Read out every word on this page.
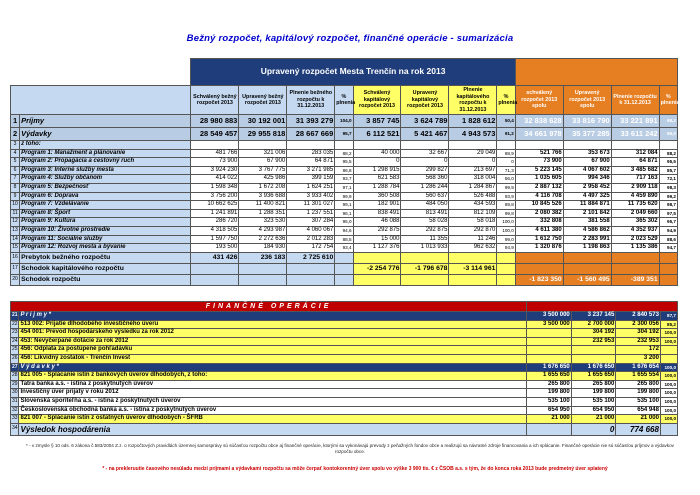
Bežný rozpočet, kapitálový rozpočet, finančné operácie - sumarizácia
		Upravený rozpočet Mesta Trenčín na rok 2013											
		Schválený bežný rozpočet 2013	Upravený bežný rozpočet 2013	Plnenie bežného rozpočtu k 31.12.2013	% plnenia	Schválený kapitálový rozpočet 2013	Upravený kapitálový rozpočet 2013	Plnenie kapitálového rozpočtu k 31.12.2013	% plnenia	schválený rozpočet 2013 spolu	Upravený rozpočet 2013 spolu	Plnenie rozpočtu k 31.12.2013	% plnenia
1	Príjmy	28 980 883	30 192 001	31 393 279	104,0	3 857 745	3 624 789	1 828 612	50,4	32 838 628	33 816 790	33 221 891	98,2
2	Výdavky	28 549 457	29 955 818	28 667 669	95,7	6 112 521	5 421 467	4 943 573	91,2	34 661 978	35 377 285	33 611 242	95,0
3	z toho:												
4	Program 1: Manažment a plánovanie	481 766	321 006	283 035	88,2	40 000	32 667	29 049	88,9	521 766	353 673	312 084	88,2
5	Program 2: Propagácia a cestovný ruch	73 900	67 900	64 871	95,5	0	0	0	0	73 900	67 900	64 871	95,5
6	Program 3: Interné služby mesta	3 924 230	3 767 775	3 271 985	86,8	1 298 915	299 827	213 697	71,3	5 223 145	4 067 602	3 485 682	85,7
7	Program 4: Služby občanom	414 022	425 986	399 159	93,7	621 583	568 360	318 004	56,0	1 035 605	994 346	717 163	72,1
8	Program 5: Bezpečnosť	1 598 348	1 672 208	1 624 251	97,1	1 288 784	1 286 244	1 284 867	99,9	2 887 132	2 958 452	2 909 118	98,3
9	Program 6: Doprava	3 756 200	3 936 688	3 933 402	99,9	360 508	560 637	526 488	93,9	4 116 708	4 497 325	4 459 890	99,2
10	Program 7: Vzdelávanie	10 662 625	11 400 821	11 301 027	99,1	182 901	484 050	434 593	89,8	10 845 526	11 884 871	11 735 620	98,7
11	Program 8: Šport	1 241 891	1 288 351	1 237 551	96,1	838 491	813 491	812 109	99,8	2 080 382	2 101 842	2 049 660	97,5
12	Program 9: Kultúra	286 720	323 530	307 284	95,0	46 088	58 028	58 018	100,0	332 808	381 558	365 302	95,7
13	Program 10: Životné prostredie	4 318 505	4 293 987	4 060 067	94,6	292 875	292 875	292 870	100,0	4 611 380	4 586 862	4 352 937	94,9
14	Program 11: Sociálne služby	1 597 750	2 272 636	2 012 283	88,5	15 000	11 355	11 246	99,0	1 612 750	2 283 991	2 023 529	88,6
15	Program 12: Rozvoj mesta a bývanie	193 500	184 930	172 754	93,4	1 127 376	1 013 933	962 632	94,9	1 320 876	1 198 863	1 135 386	94,7
16	Prebytok bežného rozpočtu	431 426	236 183	2 725 610									
17	Schodok kapitálového rozpočtu					-2 254 776	-1 796 678	-3 114 961					
20	Schodok rozpočtu									-1 823 350	-1 560 495	-389 351	
FINANČNÉ OPERÁCIE					
21	P r í j m y *	3 500 000	3 237 145	2 840 573	87,7
22	513 002: Prijatie dlhodobého investičného úveru	3 500 000	2 700 000	2 300 056	85,2
23	454 001: Prevod hospodárskeho výsledku za rok 2012		304 192	304 192	100,0
24	453: Nevyčerpané dotácie za rok 2012		232 953	232 953	100,0
25	456: Odplata za postúpené pohľadávku			172	
26	456: Likvidný zostatok - Trenčín Invest			3 200	
27	V ý d a v k y *	1 676 650	1 676 650	1 676 654	100,0
28	821 005 - Splácanie istín z bankových úverov dlhodobých, z toho:	1 655 650	1 655 650	1 655 554	100,0
29	Tatra banka a.s. - istina z poskytnutých úverov	265 800	265 800	265 800	100,0
30	Investičný úver prijatý v roku 2012	199 800	199 800	199 800	100,0
31	Slovenská sporiteľňa a.s. - istina z poskytnutých úverov	535 100	535 100	535 100	100,0
32	Československá obchodná banka a.s. - istina z poskytnutých úverov	654 950	654 950	654 948	100,0
33	821 007 - Splácanie istín z ostatných úverov dlhodobých - ŠFRB	21 000	21 000	21 000	100,0
34	Výsledok hospodárenia		0	774 668	
* - v zmysle § 10 ods. 6 zákona č.583/2004 Z.z. o rozpočtových pravidlách územnej samosprávy sú súčasťou rozpočtu obce aj finančné operácie, ktorými sa vykonávajú prevody z peňažných fondov obce a realizujú sa návratné zdroje financovania a ich splácanie. Finančné operácie nie sú súčasťou príjmov a výdavkov rozpočtu obce.
* - na prekleruutie časového nesúladu medzi príjmami a výdavkami rozpočtu sa môže čerpať kontokorentný úver spolu vo výške 3 900 tis. € z ČSOB a.s. s tým, že do konca roka 2013 bude predmetný úver splatený
